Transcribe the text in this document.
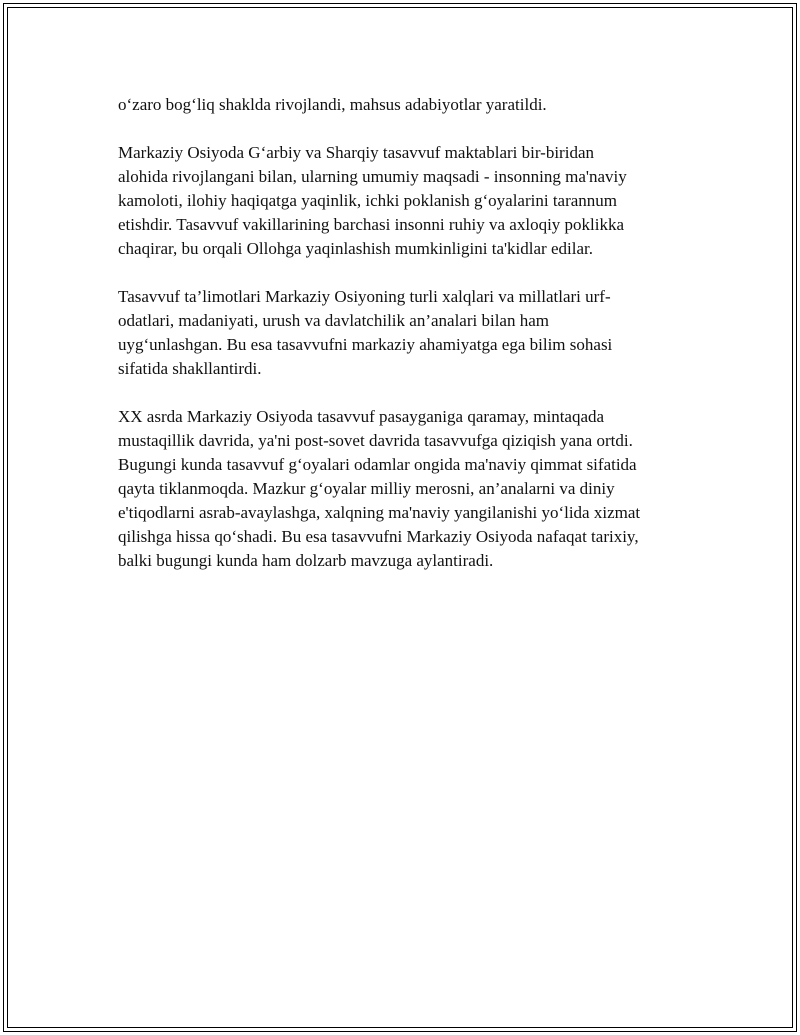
o‘zaro bog‘liq shaklda rivojlandi, mahsus adabiyotlar yaratildi.

Markaziy Osiyoda G‘arbiy va Sharqiy tasavvuf maktablari bir-biridan
alohida rivojlangani bilan, ularning umumiy maqsadi - insonning ma'naviy
kamoloti, ilohiy haqiqatga yaqinlik, ichki poklanish g‘oyalarini tarannum
etishdir. Tasavvuf vakillarining barchasi insonni ruhiy va axloqiy poklikka
chaqirar, bu orqali Ollohga yaqinlashish mumkinligini ta'kidlar edilar.

Tasavvuf ta’limotlari Markaziy Osiyoning turli xalqlari va millatlari urf-
odatlari, madaniyati, urush va davlatchilik an’analari bilan ham
uyg‘unlashgan. Bu esa tasavvufni markaziy ahamiyatga ega bilim sohasi
sifatida shakllantirdi.

XX asrda Markaziy Osiyoda tasavvuf pasayganiga qaramay, mintaqada
mustaqillik davrida, ya'ni post-sovet davrida tasavvufga qiziqish yana ortdi.
Bugungi kunda tasavvuf g‘oyalari odamlar ongida ma'naviy qimmat sifatida
qayta tiklanmoqda. Mazkur g‘oyalar milliy merosni, an’analarni va diniy
e'tiqodlarni asrab-avaylashga, xalqning ma'naviy yangilanishi yo‘lida xizmat
qilishga hissa qo‘shadi. Bu esa tasavvufni Markaziy Osiyoda nafaqat tarixiy,
balki bugungi kunda ham dolzarb mavzuga aylantiradi.
